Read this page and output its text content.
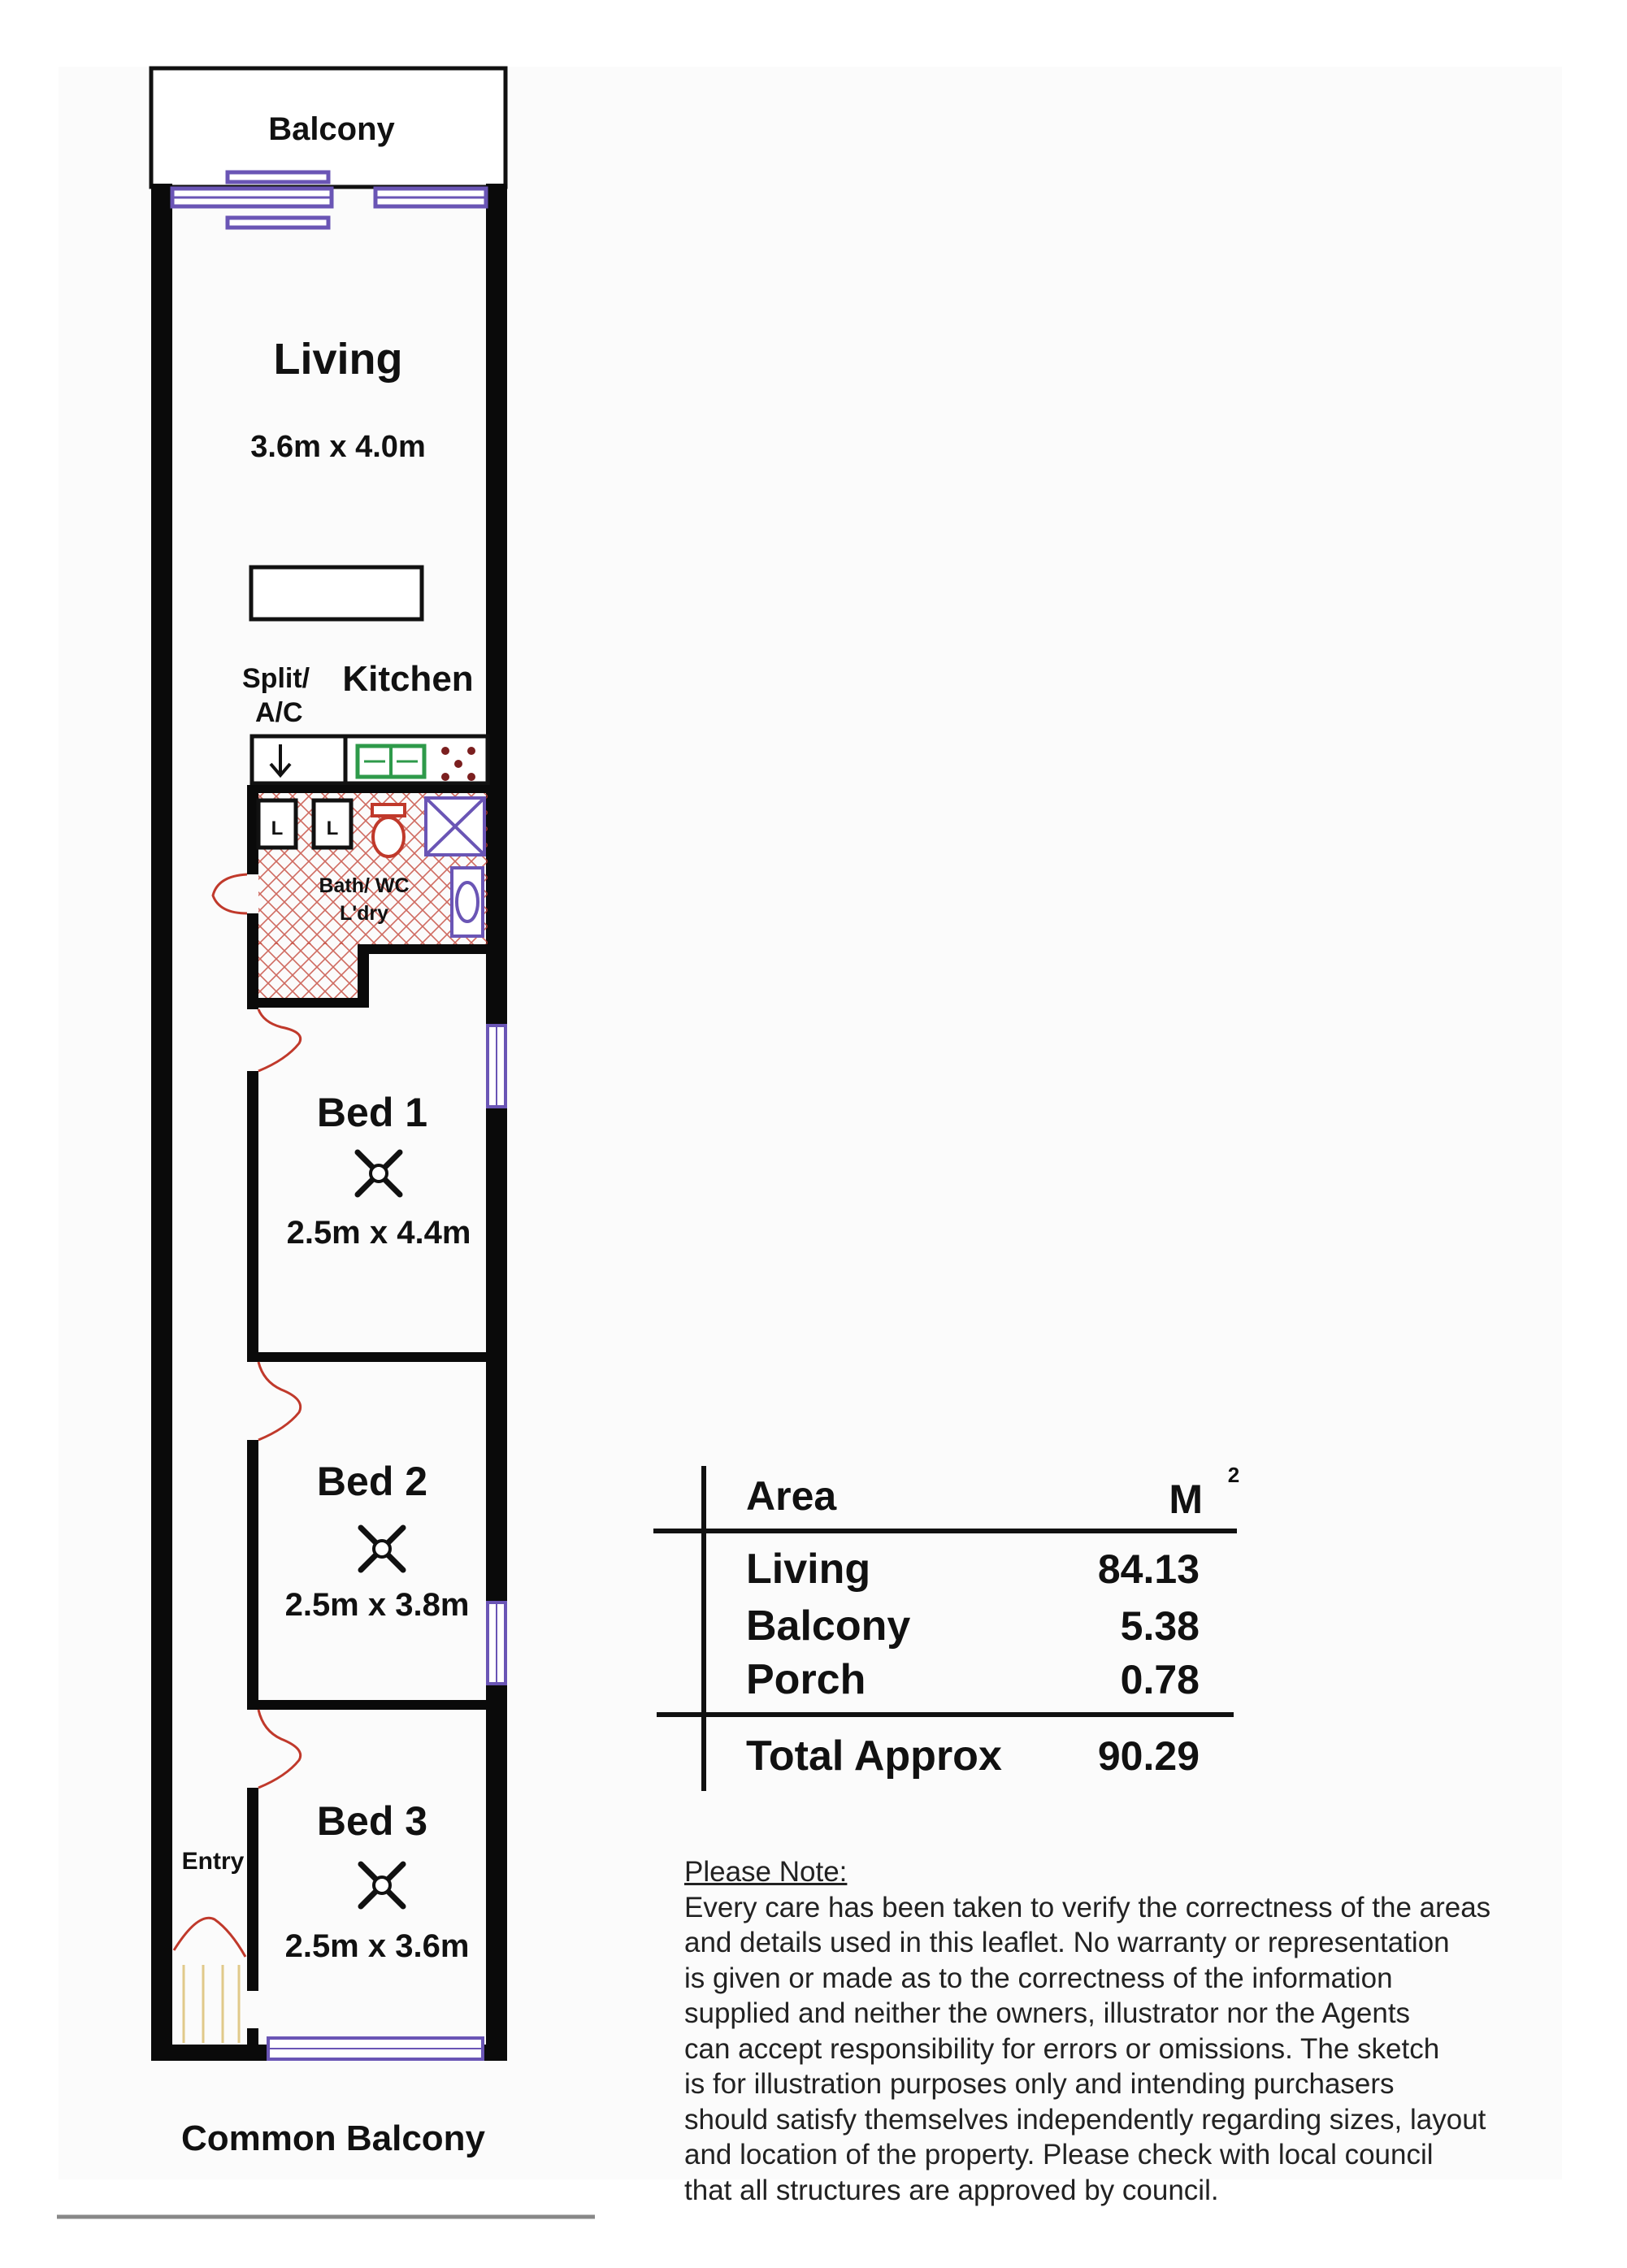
L L
Bath/ WC
L'dry
Balcony
Living
3.6m x 4.0m
Split/
A/C
Kitchen
Bed 1
2.5m x 4.4m
Bed 2
2.5m x 3.8m
Bed 3
2.5m x 3.6m
Entry
Common Balcony
Area	M
2
Living	84.13
Balcony	5.38
Porch	0.78
Total Approx 90.29
Please Note:
Every care has been taken to verify the correctness of the areas
and details used in this leaflet. No warranty or representation
is given or made as to the correctness of the information
supplied and neither the owners, illustrator nor the Agents
can accept responsibility for errors or omissions. The sketch
is for illustration purposes only and intending purchasers
should satisfy themselves independently regarding sizes, layout
and location of the property. Please check with local council
that all structures are approved by council.
